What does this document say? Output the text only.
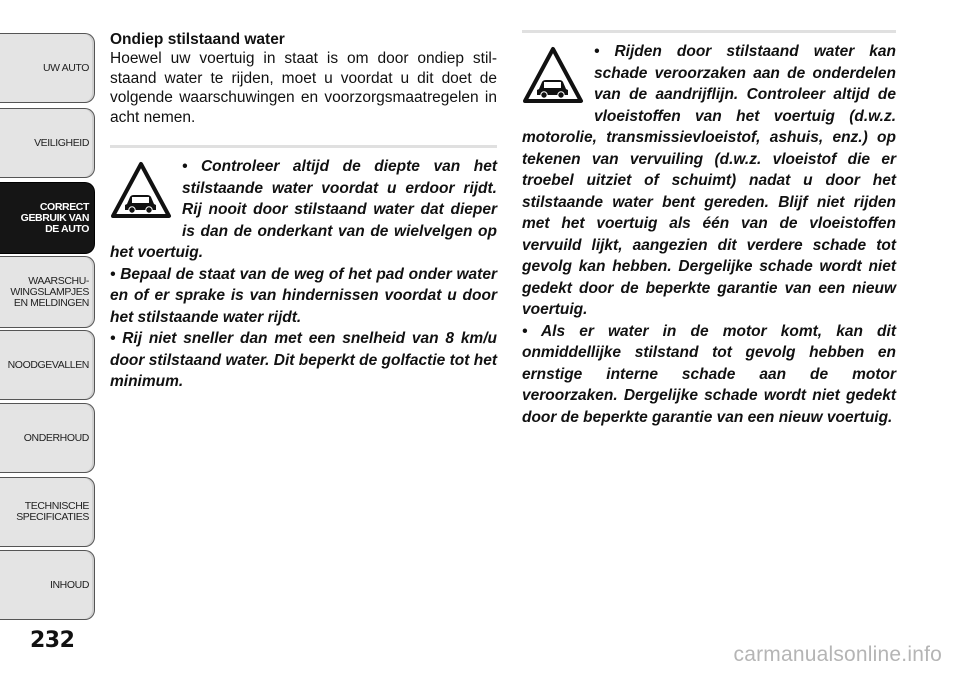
UW AUTO
VEILIGHEID
CORRECT
GEBRUIK VAN
DE AUTO
WAARSCHU-
WINGSLAMPJES
EN MELDINGEN
NOODGEVALLEN
ONDERHOUD
TECHNISCHE
SPECIFICATIES
INHOUD
232
Ondiep stilstaand water

Hoewel uw voertuig in staat is om door ondiep stil-staand water te rijden, moet u voordat u dit doet de volgende waarschuwingen en voorzorgsmaatregelen in acht nemen.

• Controleer altijd de diepte van het stilstaande water voordat u erdoor rijdt. Rij nooit door stilstaand water dat dieper is dan de onderkant van de wielvelgen op het voertuig.

• Bepaal de staat van de weg of het pad onder water en of er sprake is van hindernissen voordat u door het stilstaande water rijdt.

• Rij niet sneller dan met een snelheid van 8 km/u door stilstaand water. Dit beperkt de golfactie tot het minimum.

• Rijden door stilstaand water kan schade veroorzaken aan de onderdelen van de aandrijflijn. Controleer altijd de vloeistoffen van het voertuig (d.w.z. motorolie, transmissievloeistof, ashuis, enz.) op tekenen van vervuiling (d.w.z. vloeistof die er troebel uitziet of schuimt) nadat u door het stilstaande water bent gereden. Blijf niet rijden met het voertuig als één van de vloeistoffen vervuild lijkt, aangezien dit verdere schade tot gevolg kan hebben. Dergelijke schade wordt niet gedekt door de beperkte garantie van een nieuw voertuig.

• Als er water in de motor komt, kan dit onmiddellijke stilstand tot gevolg hebben en ernstige interne schade aan de motor veroorzaken. Dergelijke schade wordt niet gedekt door de beperkte garantie van een nieuw voertuig.

carmanualsonline.info
